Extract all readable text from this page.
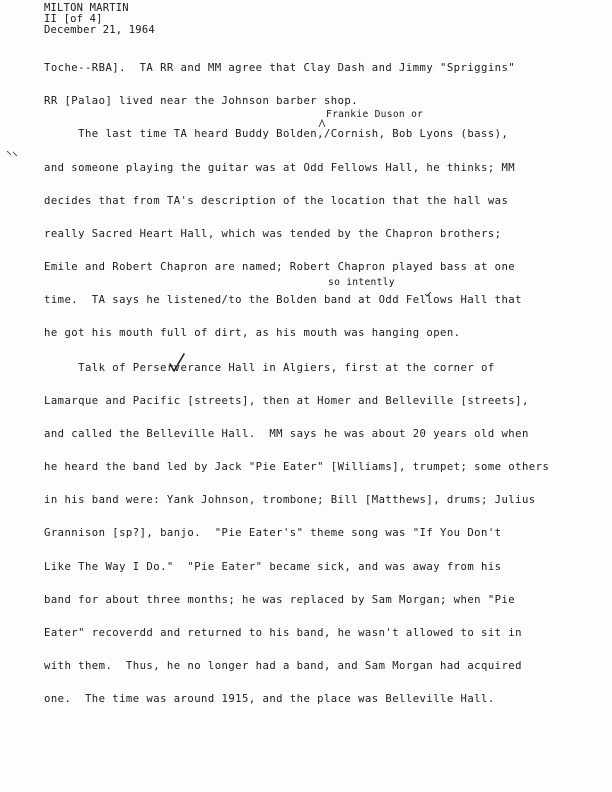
MILTON MARTIN
II [of 4]
December 21, 1964
Frankie Duson or
so intently
Toche--RBA].  TA RR and MM agree that Clay Dash and Jimmy "Spriggins"
RR [Palao] lived near the Johnson barber shop.
The last time TA heard Buddy Bolden,/Cornish, Bob Lyons (bass),
and someone playing the guitar was at Odd Fellows Hall, he thinks; MM
decides that from TA's description of the location that the hall was
really Sacred Heart Hall, which was tended by the Chapron brothers;
Emile and Robert Chapron are named; Robert Chapron played bass at one
time.  TA says he listened/to the Bolden band at Odd Fellows Hall that
he got his mouth full of dirt, as his mouth was hanging open.
Talk of Perserverance Hall in Algiers, first at the corner of
Lamarque and Pacific [streets], then at Homer and Belleville [streets],
and called the Belleville Hall.  MM says he was about 20 years old when
he heard the band led by Jack "Pie Eater" [Williams], trumpet; some others
in his band were: Yank Johnson, trombone; Bill [Matthews], drums; Julius
Grannison [sp?], banjo.  "Pie Eater's" theme song was "If You Don't
Like The Way I Do."  "Pie Eater" became sick, and was away from his
band for about three months; he was replaced by Sam Morgan; when "Pie
Eater" recoverdd and returned to his band, he wasn't allowed to sit in
with them.  Thus, he no longer had a band, and Sam Morgan had acquired
one.  The time was around 1915, and the place was Belleville Hall.
